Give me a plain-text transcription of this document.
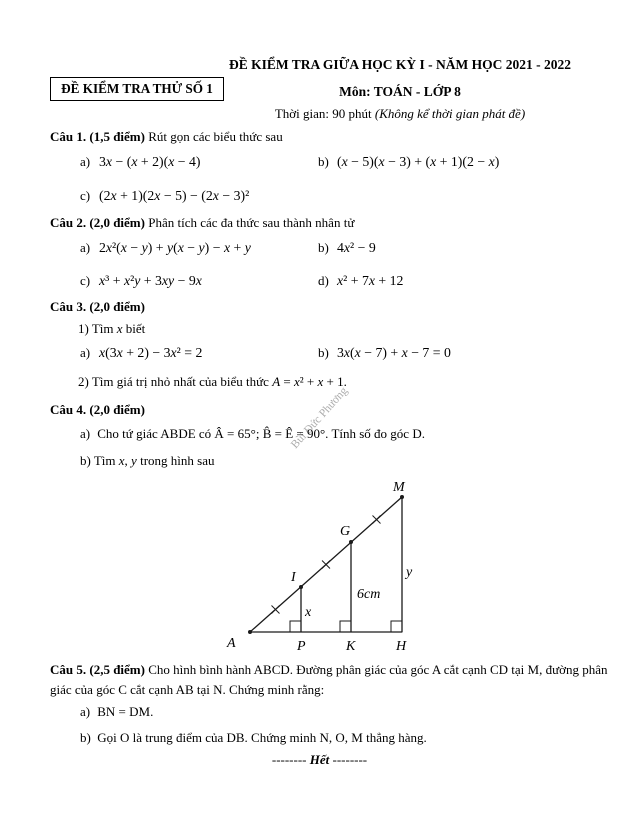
Bùi Đức Phương
ĐỀ KIỂM TRA GIỮA HỌC KỲ I - NĂM HỌC 2021 - 2022
ĐỀ KIỂM TRA THỬ SỐ 1	Môn: TOÁN - LỚP 8
Thời gian: 90 phút (Không kể thời gian phát đề)
Câu 1. (1,5 điểm) Rút gọn các biểu thức sau
a) 3x − (x + 2)(x − 4)	b) (x − 5)(x − 3) + (x + 1)(2 − x)
c) (2x + 1)(2x − 5) − (2x − 3)²
Câu 2. (2,0 điểm) Phân tích các đa thức sau thành nhân tử
a) 2x²(x − y) + y(x − y) − x + y	b) 4x² − 9
c) x³ + x²y + 3xy − 9x	d) x² + 7x + 12
Câu 3. (2,0 điểm)
1) Tìm x biết
a) x(3x + 2) − 3x² = 2	b) 3x(x − 7) + x − 7 = 0
2) Tìm giá trị nhỏ nhất của biểu thức A = x² + x + 1.
Câu 4. (2,0 điểm)
a) Cho tứ giác ABDE có Â = 65°; B̂ = Ê = 90°. Tính số đo góc D.
b) Tìm x, y trong hình sau
M
G
I
A	P	K	H
x
6cm
y
Câu 5. (2,5 điểm) Cho hình bình hành ABCD. Đường phân giác của góc A cắt cạnh CD tại M, đường phân giác của góc C cắt cạnh AB tại N. Chứng minh rằng:
a) BN = DM.
b) Gọi O là trung điểm của DB. Chứng minh N, O, M thẳng hàng.
-------- Hết --------
